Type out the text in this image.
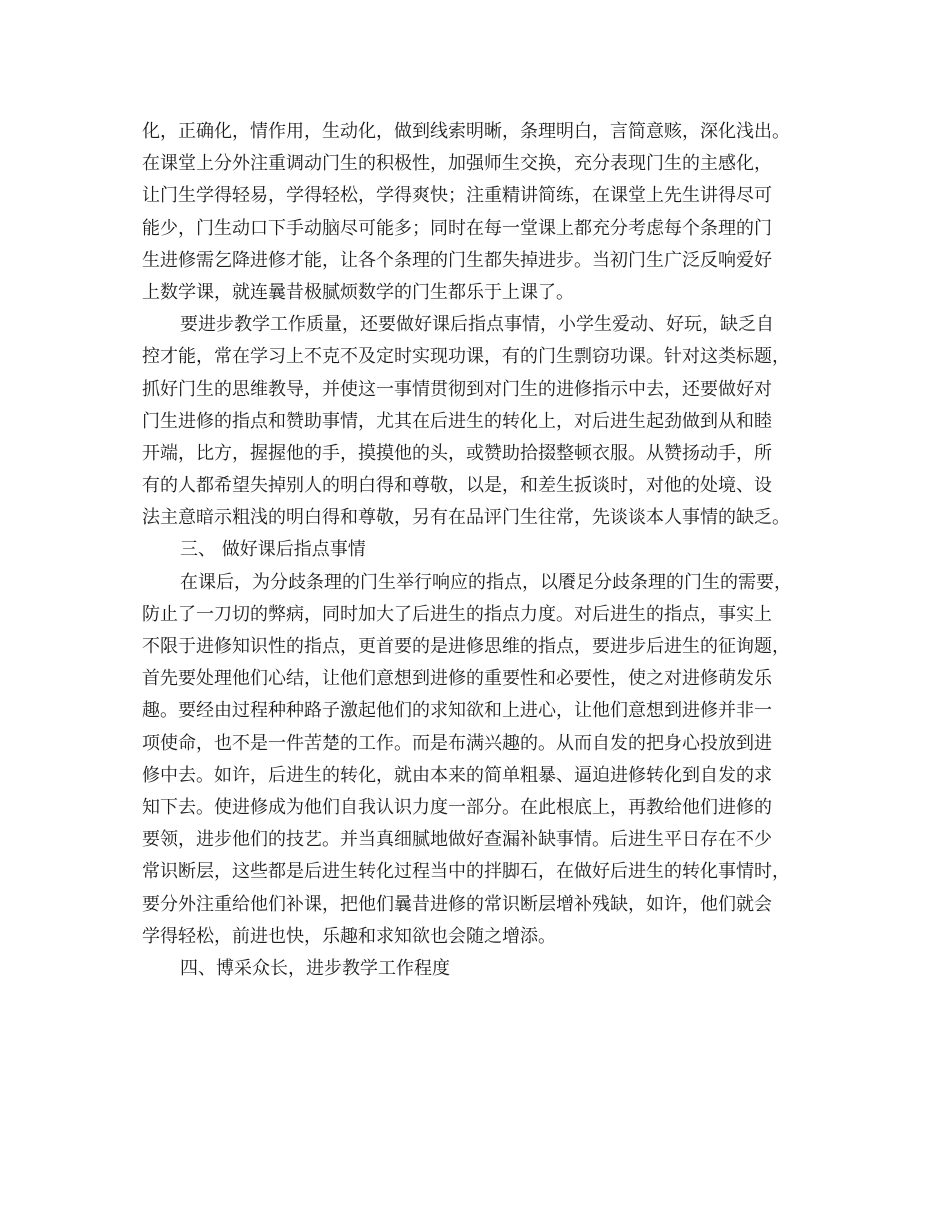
化，正确化，情作用，生动化，做到线索明晰，条理明白，言简意赅，深化浅出。
在课堂上分外注重调动门生的积极性，加强师生交换，充分表现门生的主感化，
让门生学得轻易，学得轻松，学得爽快；注重精讲简练，在课堂上先生讲得尽可
能少，门生动口下手动脑尽可能多；同时在每一堂课上都充分考虑每个条理的门
生进修需乞降进修才能，让各个条理的门生都失掉进步。当初门生广泛反响爱好
上数学课，就连曩昔极腻烦数学的门生都乐于上课了。
要进步教学工作质量，还要做好课后指点事情，小学生爱动、好玩，缺乏自
控才能，常在学习上不克不及定时实现功课，有的门生剽窃功课。针对这类标题，
抓好门生的思维教导，并使这一事情贯彻到对门生的进修指示中去，还要做好对
门生进修的指点和赞助事情，尤其在后进生的转化上，对后进生起劲做到从和睦
开端，比方，握握他的手，摸摸他的头，或赞助拾掇整顿衣服。从赞扬动手，所
有的人都希望失掉别人的明白得和尊敬，以是，和差生扳谈时，对他的处境、设
法主意暗示粗浅的明白得和尊敬，另有在品评门生往常，先谈谈本人事情的缺乏。
三、 做好课后指点事情
在课后，为分歧条理的门生举行响应的指点，以餍足分歧条理的门生的需要，
防止了一刀切的弊病，同时加大了后进生的指点力度。对后进生的指点，事实上
不限于进修知识性的指点，更首要的是进修思维的指点，要进步后进生的征询题，
首先要处理他们心结，让他们意想到进修的重要性和必要性，使之对进修萌发乐
趣。要经由过程种种路子激起他们的求知欲和上进心，让他们意想到进修并非一
项使命，也不是一件苦楚的工作。而是布满兴趣的。从而自发的把身心投放到进
修中去。如许，后进生的转化，就由本来的简单粗暴、逼迫进修转化到自发的求
知下去。使进修成为他们自我认识力度一部分。在此根底上，再教给他们进修的
要领，进步他们的技艺。并当真细腻地做好查漏补缺事情。后进生平日存在不少
常识断层，这些都是后进生转化过程当中的拌脚石，在做好后进生的转化事情时，
要分外注重给他们补课，把他们曩昔进修的常识断层增补残缺，如许，他们就会
学得轻松，前进也快，乐趣和求知欲也会随之增添。
四、博采众长，进步教学工作程度
